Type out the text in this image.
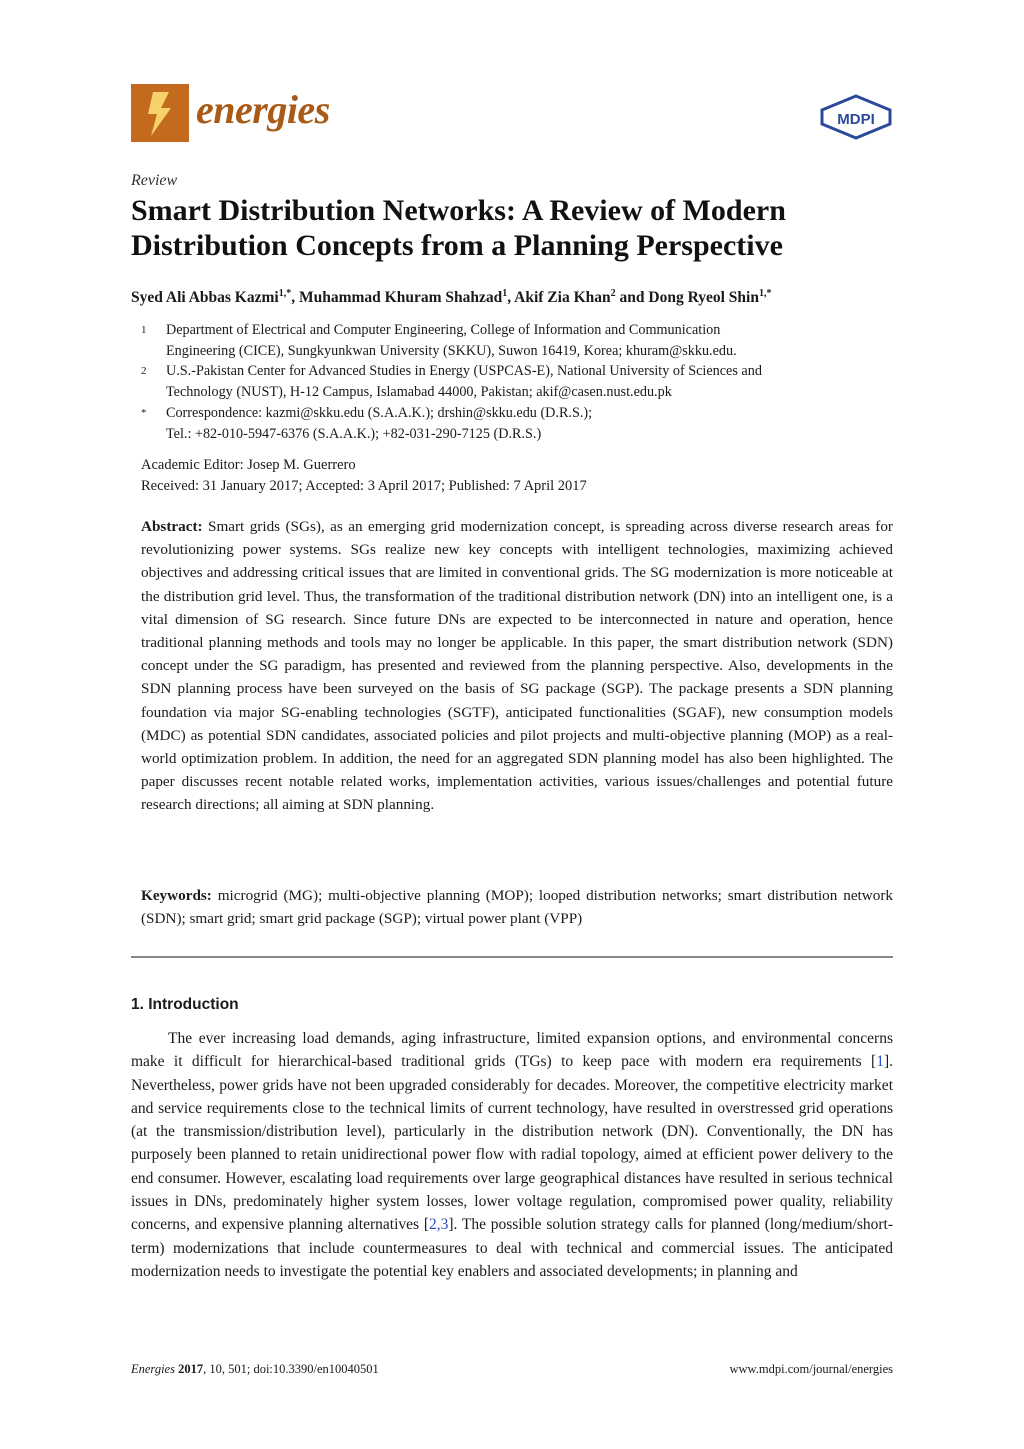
energies	MDPI
Review
Smart Distribution Networks: A Review of Modern
Distribution Concepts from a Planning Perspective
Syed Ali Abbas Kazmi$^{1,*}$, Muhammad Khuram Shahzad$^1$, Akif Zia Khan$^2$ and Dong Ryeol Shin$^{1,*}$
1 Department of Electrical and Computer Engineering, College of Information and Communication
Engineering (CICE), Sungkyunkwan University (SKKU), Suwon 16419, Korea; khuram@skku.edu.
2 U.S.-Pakistan Center for Advanced Studies in Energy (USPCAS-E), National University of Sciences and
Technology (NUST), H-12 Campus, Islamabad 44000, Pakistan; akif@casen.nust.edu.pk
* Correspondence: kazmi@skku.edu (S.A.A.K.); drshin@skku.edu (D.R.S.);
Tel.: +82-010-5947-6376 (S.A.A.K.); +82-031-290-7125 (D.R.S.)
Academic Editor: Josep M. Guerrero
Received: 31 January 2017; Accepted: 3 April 2017; Published: 7 April 2017
Abstract: Smart grids (SGs), as an emerging grid modernization concept, is spreading across diverse research areas for revolutionizing power systems. SGs realize new key concepts with intelligent technologies, maximizing achieved objectives and addressing critical issues that are limited in conventional grids. The SG modernization is more noticeable at the distribution grid level. Thus, the transformation of the traditional distribution network (DN) into an intelligent one, is a vital dimension of SG research. Since future DNs are expected to be interconnected in nature and operation, hence traditional planning methods and tools may no longer be applicable. In this paper, the smart distribution network (SDN) concept under the SG paradigm, has presented and reviewed from the planning perspective. Also, developments in the SDN planning process have been surveyed on the basis of SG package (SGP). The package presents a SDN planning foundation via major SG-enabling technologies (SGTF), anticipated functionalities (SGAF), new consumption models (MDC) as potential SDN candidates, associated policies and pilot projects and multi-objective planning (MOP) as a real-world optimization problem. In addition, the need for an aggregated SDN planning model has also been highlighted. The paper discusses recent notable related works, implementation activities, various issues/challenges and potential future research directions; all aiming at SDN planning.
Keywords: microgrid (MG); multi-objective planning (MOP); looped distribution networks; smart distribution network (SDN); smart grid; smart grid package (SGP); virtual power plant (VPP)
1. Introduction
The ever increasing load demands, aging infrastructure, limited expansion options, and environmental concerns make it difficult for hierarchical-based traditional grids (TGs) to keep pace with modern era requirements [1]. Nevertheless, power grids have not been upgraded considerably for decades. Moreover, the competitive electricity market and service requirements close to the technical limits of current technology, have resulted in overstressed grid operations (at the transmission/distribution level), particularly in the distribution network (DN). Conventionally, the DN has purposely been planned to retain unidirectional power flow with radial topology, aimed at efficient power delivery to the end consumer. However, escalating load requirements over large geographical distances have resulted in serious technical issues in DNs, predominately higher system losses, lower voltage regulation, compromised power quality, reliability concerns, and expensive planning alternatives [2,3]. The possible solution strategy calls for planned (long/medium/short-term) modernizations that include countermeasures to deal with technical and commercial issues. The anticipated modernization needs to investigate the potential key enablers and associated developments; in planning and
Energies 2017, 10, 501; doi:10.3390/en10040501	www.mdpi.com/journal/energies
